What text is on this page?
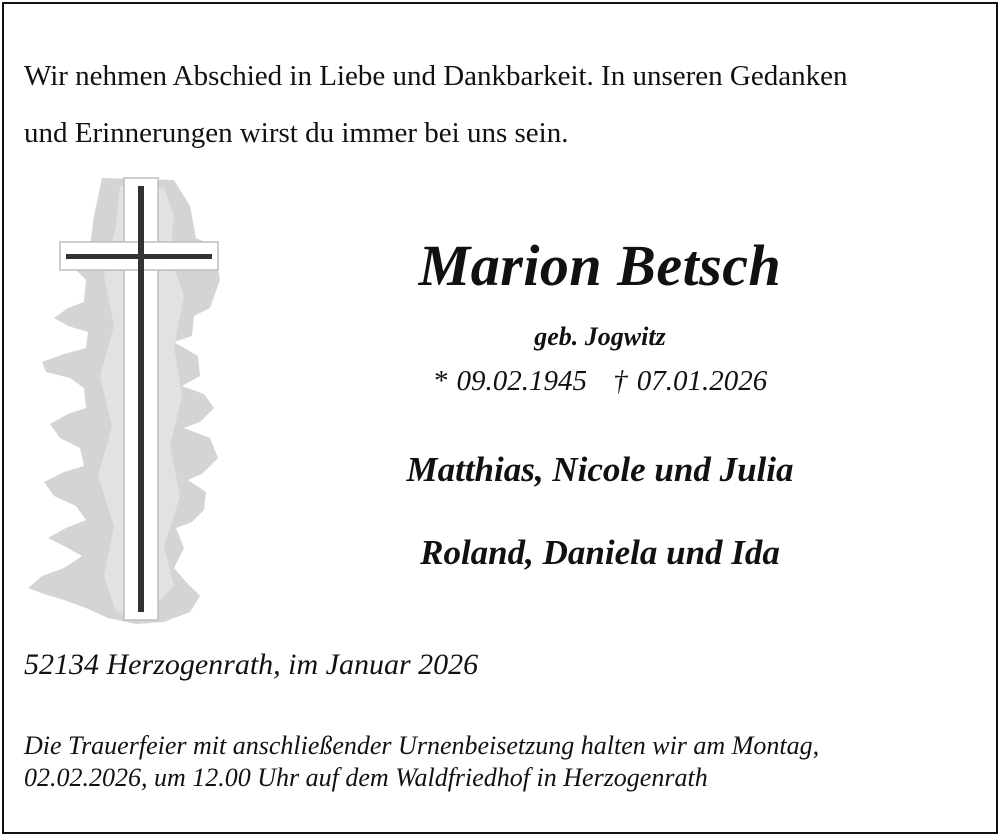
Wir nehmen Abschied in Liebe und Dankbarkeit. In unseren Gedanken
und Erinnerungen wirst du immer bei uns sein.
Marion Betsch
geb. Jogwitz
* 09.02.1945 † 07.01.2026
Matthias, Nicole und Julia
Roland, Daniela und Ida
52134 Herzogenrath, im Januar 2026
Die Trauerfeier mit anschließender Urnenbeisetzung halten wir am Montag,
02.02.2026, um 12.00 Uhr auf dem Waldfriedhof in Herzogenrath
